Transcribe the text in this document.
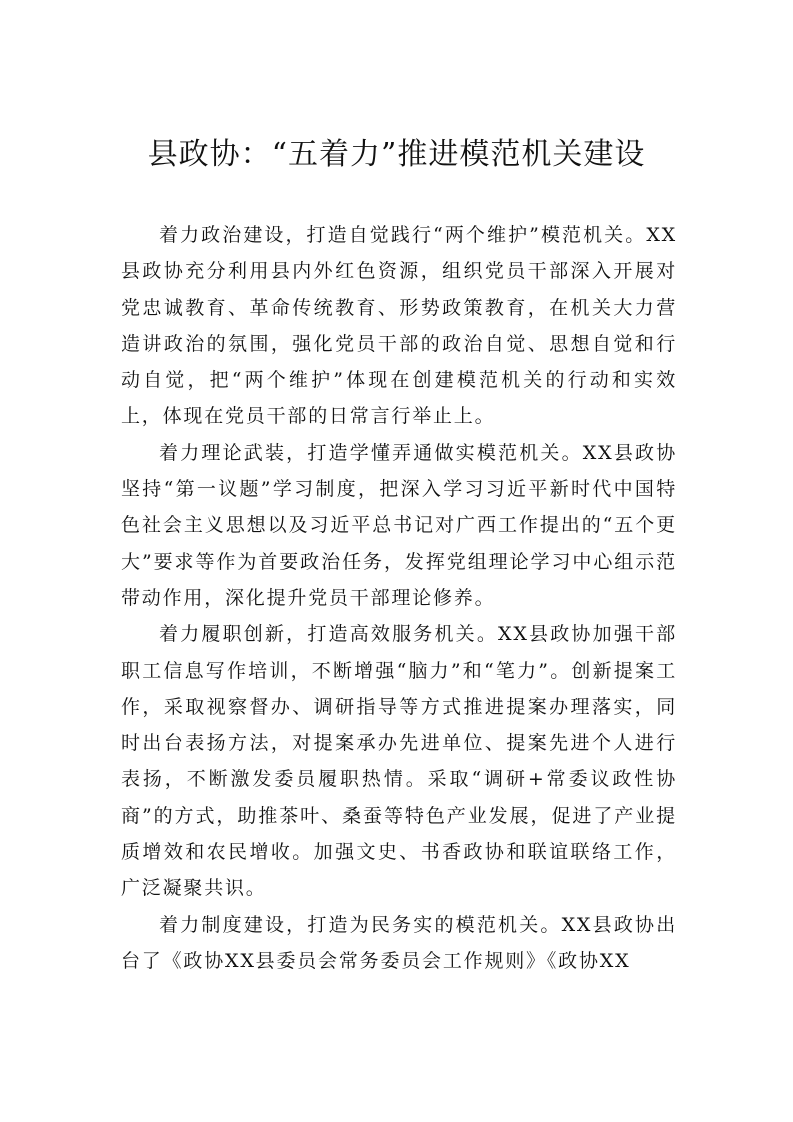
县政协：“五着力”推进模范机关建设

着力政治建设，打造自觉践行“两个维护”模范机关。XX县政协充分利用县内外红色资源，组织党员干部深入开展对党忠诚教育、革命传统教育、形势政策教育，在机关大力营造讲政治的氛围，强化党员干部的政治自觉、思想自觉和行动自觉，把“两个维护”体现在创建模范机关的行动和实效上，体现在党员干部的日常言行举止上。

着力理论武装，打造学懂弄通做实模范机关。XX县政协坚持“第一议题”学习制度，把深入学习习近平新时代中国特色社会主义思想以及习近平总书记对广西工作提出的“五个更大”要求等作为首要政治任务，发挥党组理论学习中心组示范带动作用，深化提升党员干部理论修养。

着力履职创新，打造高效服务机关。XX县政协加强干部职工信息写作培训，不断增强“脑力”和“笔力”。创新提案工作，采取视察督办、调研指导等方式推进提案办理落实，同时出台表扬方法，对提案承办先进单位、提案先进个人进行表扬，不断激发委员履职热情。采取“调研+常委议政性协商”的方式，助推茶叶、桑蚕等特色产业发展，促进了产业提质增效和农民增收。加强文史、书香政协和联谊联络工作，广泛凝聚共识。

着力制度建设，打造为民务实的模范机关。XX县政协出台了《政协XX县委员会常务委员会工作规则》《政协XX
